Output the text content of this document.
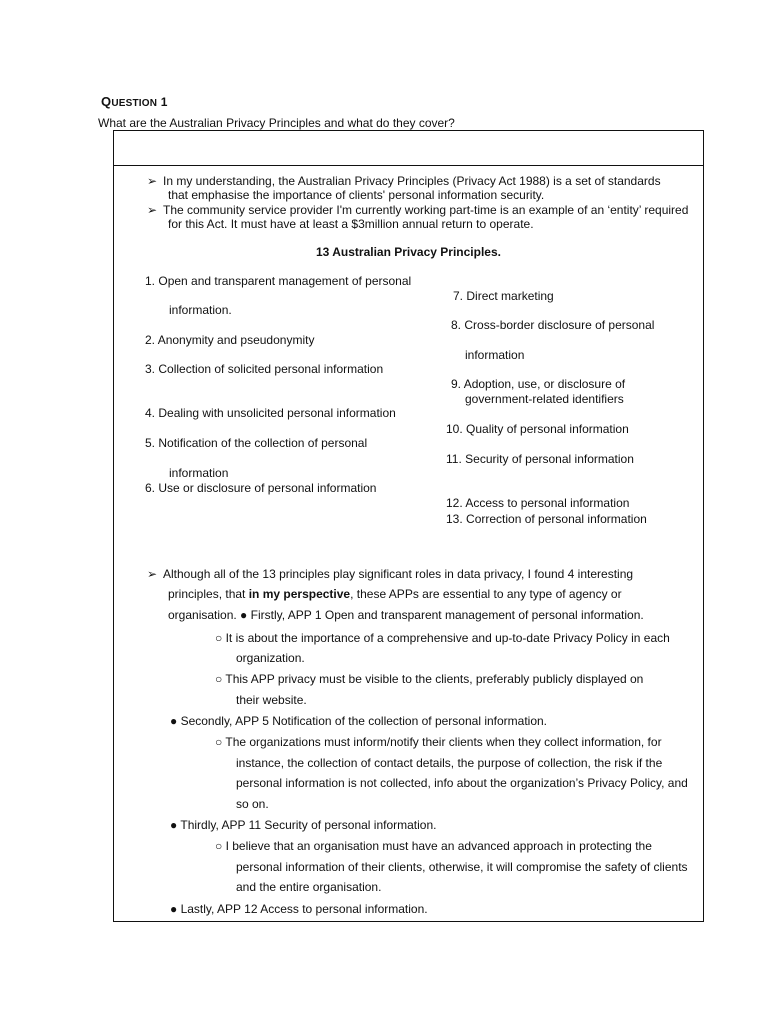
QUESTION 1
What are the Australian Privacy Principles and what do they cover?
➢ In my understanding, the Australian Privacy Principles (Privacy Act 1988) is a set of standards
that emphasise the importance of clients' personal information security.
➢ The community service provider I'm currently working part-time is an example of an ‘entity’ required
for this Act. It must have at least a $3million annual return to operate.
13 Australian Privacy Principles.
1. Open and transparent management of personal
information.
2. Anonymity and pseudonymity
3. Collection of solicited personal information
4. Dealing with unsolicited personal information
5. Notification of the collection of personal
information
6. Use or disclosure of personal information
7. Direct marketing
8. Cross-border disclosure of personal
information
9. Adoption, use, or disclosure of
government-related identifiers
10. Quality of personal information
11. Security of personal information
12. Access to personal information
13. Correction of personal information
➢ Although all of the 13 principles play significant roles in data privacy, I found 4 interesting
principles, that in my perspective, these APPs are essential to any type of agency or
organisation. ● Firstly, APP 1 Open and transparent management of personal information.
○ It is about the importance of a comprehensive and up-to-date Privacy Policy in each
organization.
○ This APP privacy must be visible to the clients, preferably publicly displayed on
their website.
● Secondly, APP 5 Notification of the collection of personal information.
○ The organizations must inform/notify their clients when they collect information, for
instance, the collection of contact details, the purpose of collection, the risk if the
personal information is not collected, info about the organization’s Privacy Policy, and
so on.
● Thirdly, APP 11 Security of personal information.
○ I believe that an organisation must have an advanced approach in protecting the
personal information of their clients, otherwise, it will compromise the safety of clients
and the entire organisation.
● Lastly, APP 12 Access to personal information.
